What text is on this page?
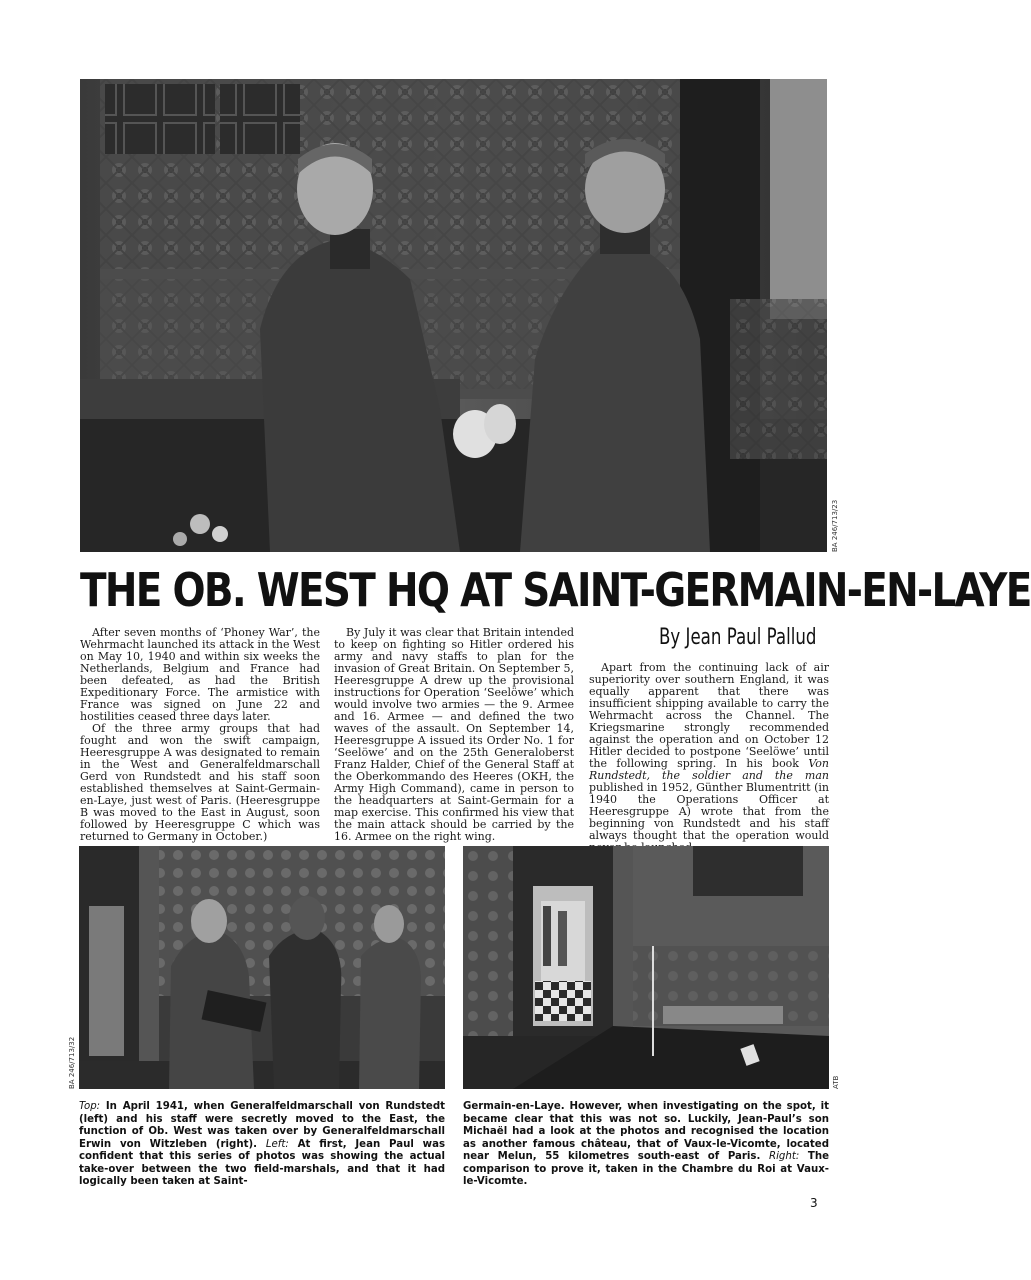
BA 246/713/23
THE OB. WEST HQ AT SAINT-GERMAIN-EN-LAYE
By Jean Paul Pallud

After seven months of ‘Phoney War’, the Wehrmacht launched its attack in the West on May 10, 1940 and within six weeks the Netherlands, Belgium and France had been defeated, as had the British Expeditionary Force. The armistice with France was signed on June 22 and hostilities ceased three days later.

Of the three army groups that had fought and won the swift campaign, Heeresgruppe A was designated to remain in the West and Generalfeldmarschall Gerd von Rundstedt and his staff soon established themselves at Saint-Germain-en-Laye, just west of Paris. (Heeresgruppe B was moved to the East in August, soon followed by Heeresgruppe C which was returned to Germany in October.)

By July it was clear that Britain intended to keep on fighting so Hitler ordered his army and navy staffs to plan for the invasion of Great Britain. On September 5, Heeresgruppe A drew up the provisional instructions for Operation ‘Seelöwe’ which would involve two armies — the 9. Armee and 16. Armee — and defined the two waves of the assault. On September 14, Heeresgruppe A issued its Order No. 1 for ‘Seelöwe’ and on the 25th Generaloberst Franz Halder, Chief of the General Staff at the Oberkommando des Heeres (OKH, the Army High Command), came in person to the headquarters at Saint-Germain for a map exercise. This confirmed his view that the main attack should be carried by the 16. Armee on the right wing.

Apart from the continuing lack of air superiority over southern England, it was equally apparent that there was insufficient shipping available to carry the Wehrmacht across the Channel. The Kriegsmarine strongly recommended against the operation and on October 12 Hitler decided to postpone ‘Seelöwe’ until the following spring. In his book Von Rundstedt, the soldier and the man published in 1952, Günther Blumentritt (in 1940 the Operations Officer at Heeresgruppe A) wrote that from the beginning von Rundstedt and his staff always thought that the operation would

BA 246/713/32	ATB
Top: In April 1941, when Generalfeldmarschall von Rundstedt (left) and his staff were secretly moved to the East, the function of Ob. West was taken over by Generalfeldmarschall Erwin von Witzleben (right). Left: At first, Jean Paul was confident that this series of photos was showing the actual take-over between the two field-marshals, and that it had logically been taken at Saint-
Germain-en-Laye. However, when investigating on the spot, it became clear that this was not so. Luckily, Jean-Paul’s son Michaël had a look at the photos and recognised the location as another famous château, that of Vaux-le-Vicomte, located near Melun, 55 kilometres south-east of Paris. Right: The comparison to prove it, taken in the Chambre du Roi at Vaux-le-Vicomte.
3
